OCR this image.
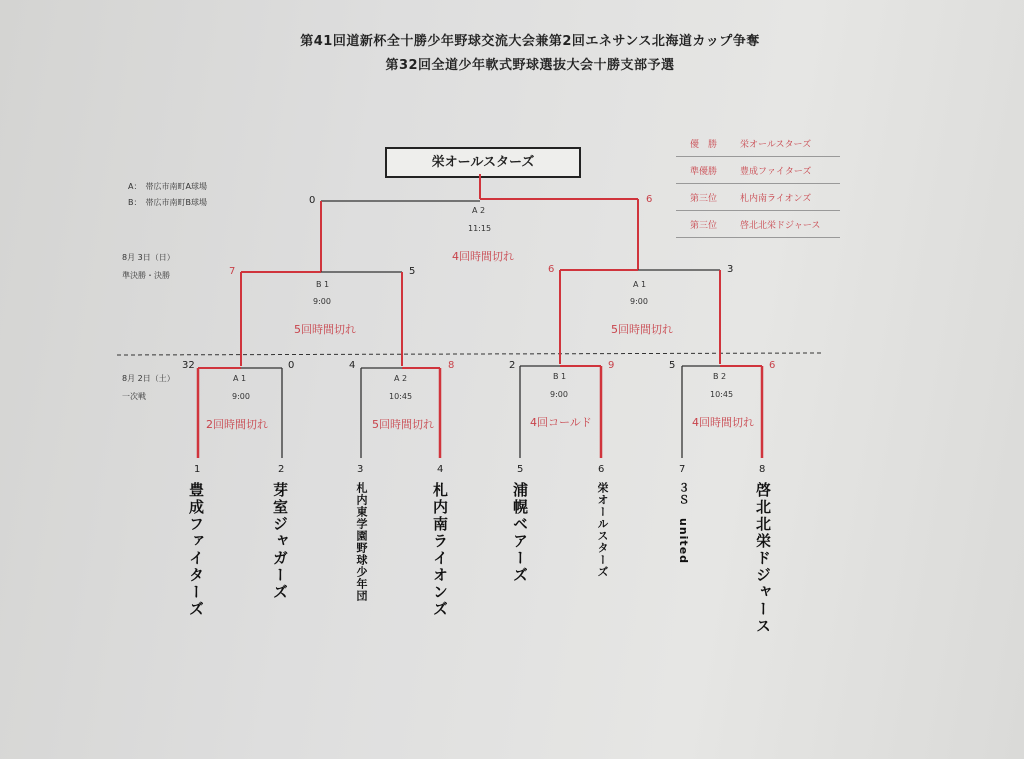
第41回道新杯全十勝少年野球交流大会兼第2回エネサンス北海道カップ争奪
第32回全道少年軟式野球選抜大会十勝支部予選
A：　帯広市南町A球場
B：　帯広市南町B球場
8月 3日（日）
準決勝・決勝
8月 2日（土）
一次戦
優　勝	栄オールスターズ
準優勝	豊成ファイターズ
第三位	札内南ライオンズ
第三位	啓北北栄ドジャース
栄オールスターズ
0	6
A 2
11:15
4回時間切れ
7	5
B 1
9:00
5回時間切れ
6	3
A 1
9:00
5回時間切れ
32	0
A 1
9:00
2回時間切れ
4	8
A 2
10:45
5回時間切れ
2	9
B 1
9:00
4回コールド
5	6
B 2
10:45
4回時間切れ
1	2	3	4	5	6	7	8
豊成ファイターズ	芽室ジャガーズ	札内東学園野球少年団	札内南ライオンズ	浦幌ベアーズ	栄オールスターズ	３Ｓ　united	啓北北栄ドジャース
